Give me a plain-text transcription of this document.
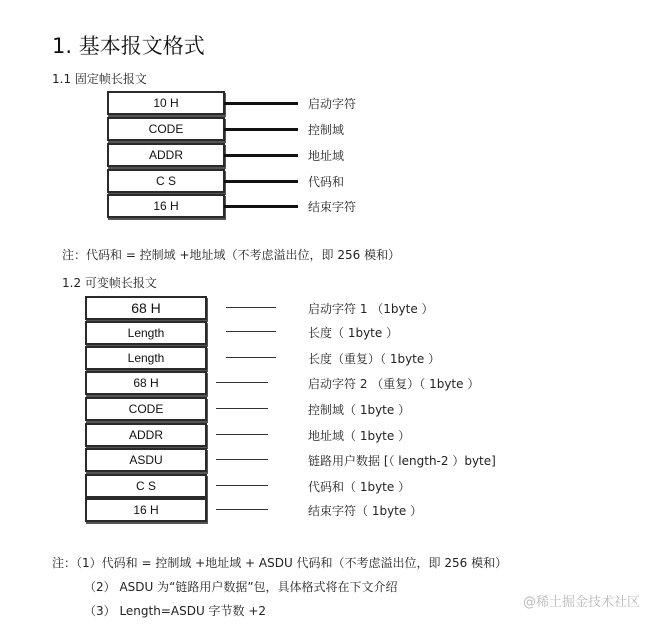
1. 基本报文格式
1.1 固定帧长报文
10 H	启动字符
CODE	控制域
ADDR	地址域
C S	代码和
16 H	结束字符
注：代码和 = 控制域 +地址域（不考虑溢出位，即 256 模和）
1.2 可变帧长报文
68 H	启动字符 1 （1byte ）
Length	长度（ 1byte ）
Length	长度（重复）（ 1byte ）
68 H	启动字符 2 （重复）（ 1byte ）
CODE	控制域（ 1byte ）
ADDR	地址域（ 1byte ）
ASDU	链路用户数据 [（ length-2 ）byte]
C S	代码和（ 1byte ）
16 H	结束字符（ 1byte ）
注：（1）代码和 = 控制域 +地址域 + ASDU 代码和（不考虑溢出位，即 256 模和）
（2） ASDU 为“链路用户数据”包，具体格式将在下文介绍
（3） Length=ASDU 字节数 +2
@稀土掘金技术社区
